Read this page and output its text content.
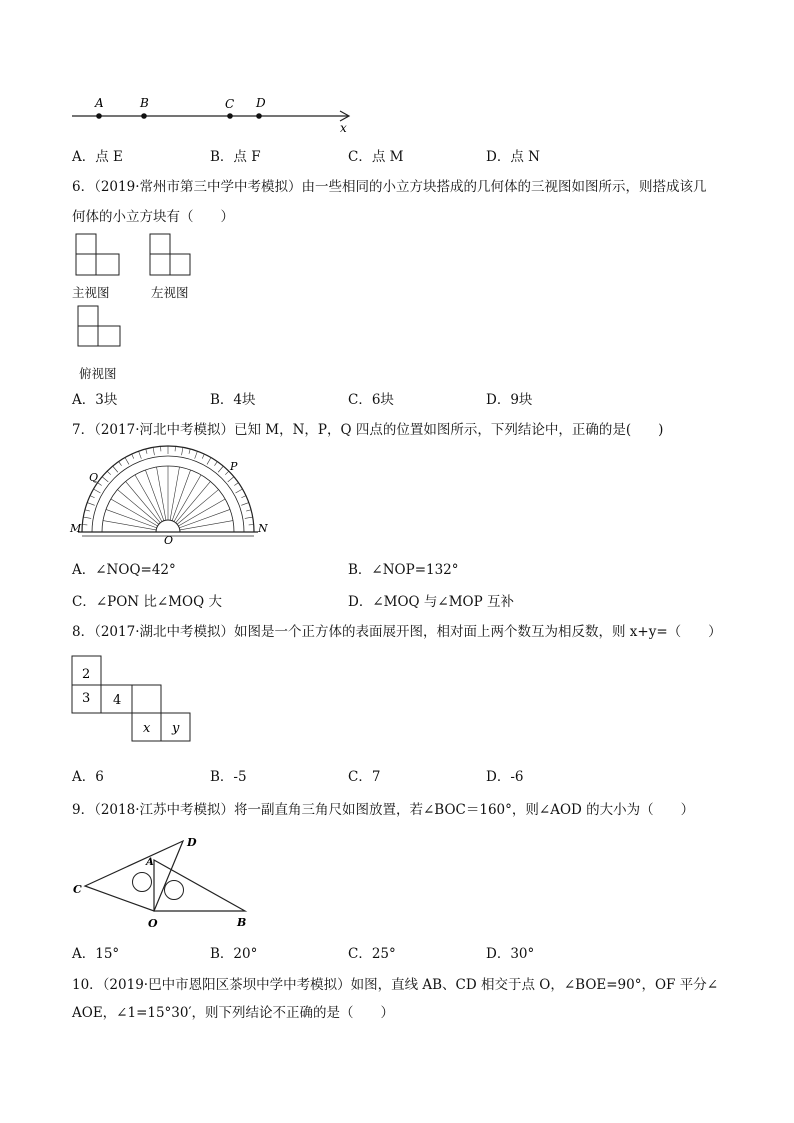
A	B	C D
x
A．点 E	B．点 F	C．点 M	D．点 N
6．（2019·常州市第三中学中考模拟）由一些相同的小立方块搭成的几何体的三视图如图所示，则搭成该几
何体的小立方块有（　　）
主视图	左视图
俯视图
A．3块	B．4块	C．6块	D．9块
7．（2017·河北中考模拟）已知 M，N，P，Q 四点的位置如图所示，下列结论中，正确的是(　　)
Q
P
M	N
O
A．∠NOQ=42°	B．∠NOP=132°
C．∠PON 比∠MOQ 大	D．∠MOQ 与∠MOP 互补
8．（2017·湖北中考模拟）如图是一个正方体的表面展开图，相对面上两个数互为相反数，则 x+y=（　　）
2
3 4
x y
A．6	B．-5	C．7	D．-6
9．（2018·江苏中考模拟）将一副直角三角尺如图放置，若∠BOC＝160°，则∠AOD 的大小为（　　）
D
A
C
O	B
A．15°	B．20°	C．25°	D．30°
10．（2019·巴中市恩阳区茶坝中学中考模拟）如图，直线 AB、CD 相交于点 O，∠BOE=90°，OF 平分∠
AOE，∠1=15°30′，则下列结论不正确的是（　　）
